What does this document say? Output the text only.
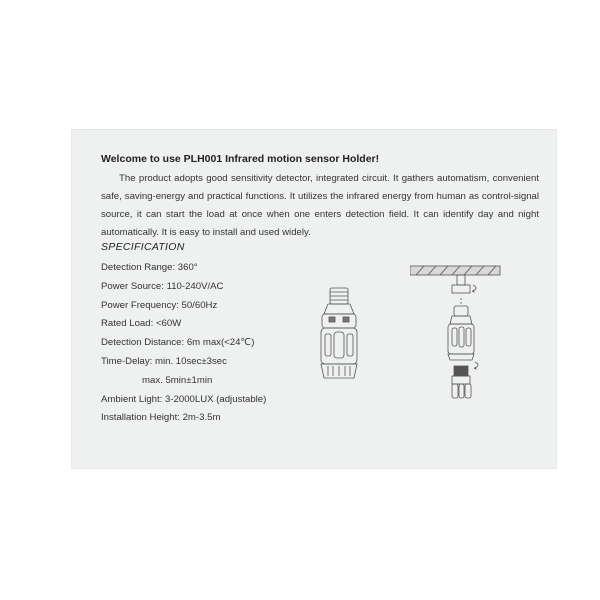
Welcome to use PLH001 Infrared motion sensor Holder!

The product adopts good sensitivity detector, integrated circuit. It gathers automatism, convenient safe, saving-energy and practical functions. It utilizes the infrared energy from human as control-signal source, it can start the load at once when one enters detection field. It can identify day and night automatically. It is easy to install and used widely.

SPECIFICATION
Detection Range: 360°
Power Source: 110-240V/AC
Power Frequency: 50/60Hz
Rated Load: <60W
Detection Distance: 6m max(<24℃)
Time-Delay: min. 10sec±3sec
max. 5min±1min
Ambient Light: 3-2000LUX (adjustable)
Installation Height: 2m-3.5m
